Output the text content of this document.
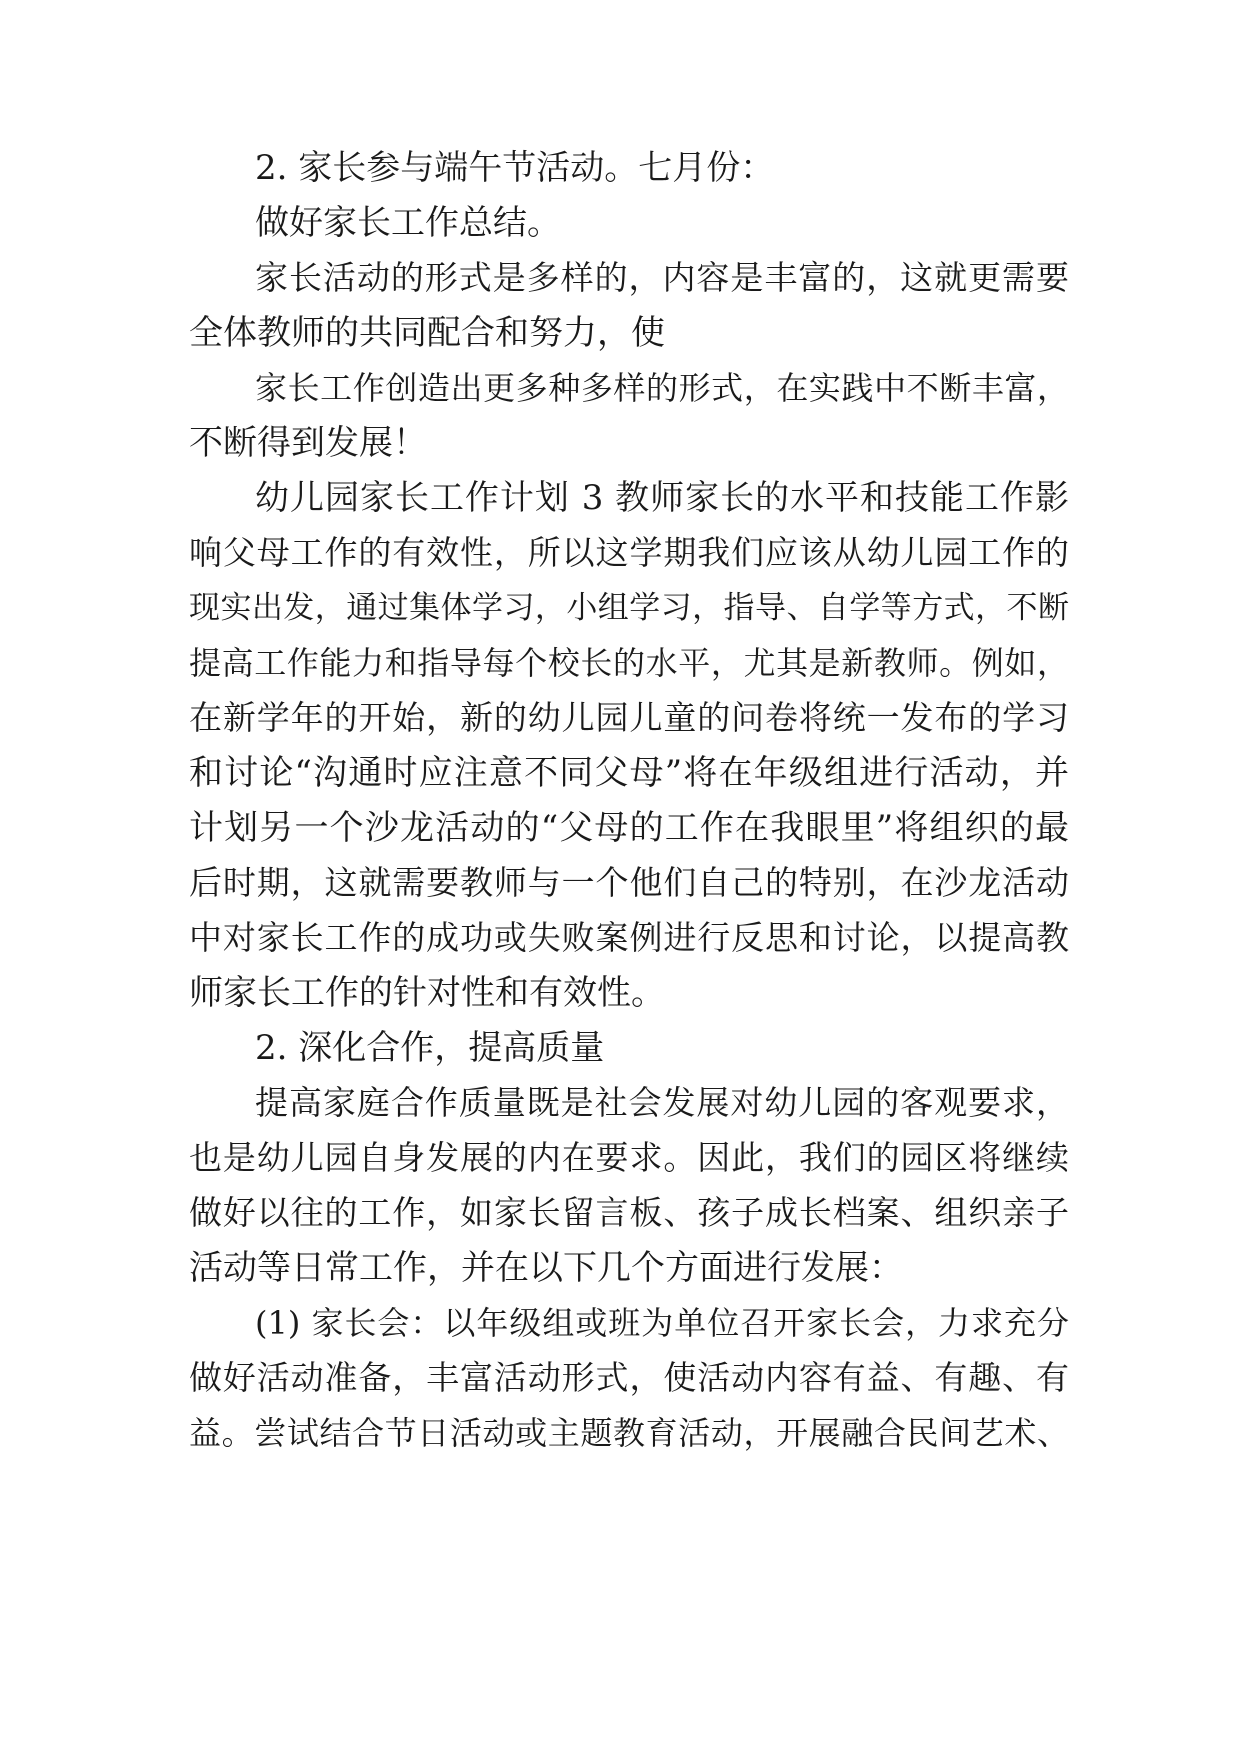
2. 家长参与端午节活动。七月份：
做好家长工作总结。
家长活动的形式是多样的，内容是丰富的，这就更需要
全体教师的共同配合和努力，使
家长工作创造出更多种多样的形式，在实践中不断丰富，
不断得到发展！
幼儿园家长工作计划 3 教师家长的水平和技能工作影
响父母工作的有效性，所以这学期我们应该从幼儿园工作的
现实出发，通过集体学习，小组学习，指导、自学等方式，不断
提高工作能力和指导每个校长的水平，尤其是新教师。例如，
在新学年的开始，新的幼儿园儿童的问卷将统一发布的学习
和讨论“沟通时应注意不同父母”将在年级组进行活动，并
计划另一个沙龙活动的“父母的工作在我眼里”将组织的最
后时期，这就需要教师与一个他们自己的特别，在沙龙活动
中对家长工作的成功或失败案例进行反思和讨论，以提高教
师家长工作的针对性和有效性。
2. 深化合作，提高质量
提高家庭合作质量既是社会发展对幼儿园的客观要求，
也是幼儿园自身发展的内在要求。因此，我们的园区将继续
做好以往的工作，如家长留言板、孩子成长档案、组织亲子
活动等日常工作，并在以下几个方面进行发展：
(1) 家长会：以年级组或班为单位召开家长会，力求充分
做好活动准备，丰富活动形式，使活动内容有益、有趣、有
益。尝试结合节日活动或主题教育活动，开展融合民间艺术、
